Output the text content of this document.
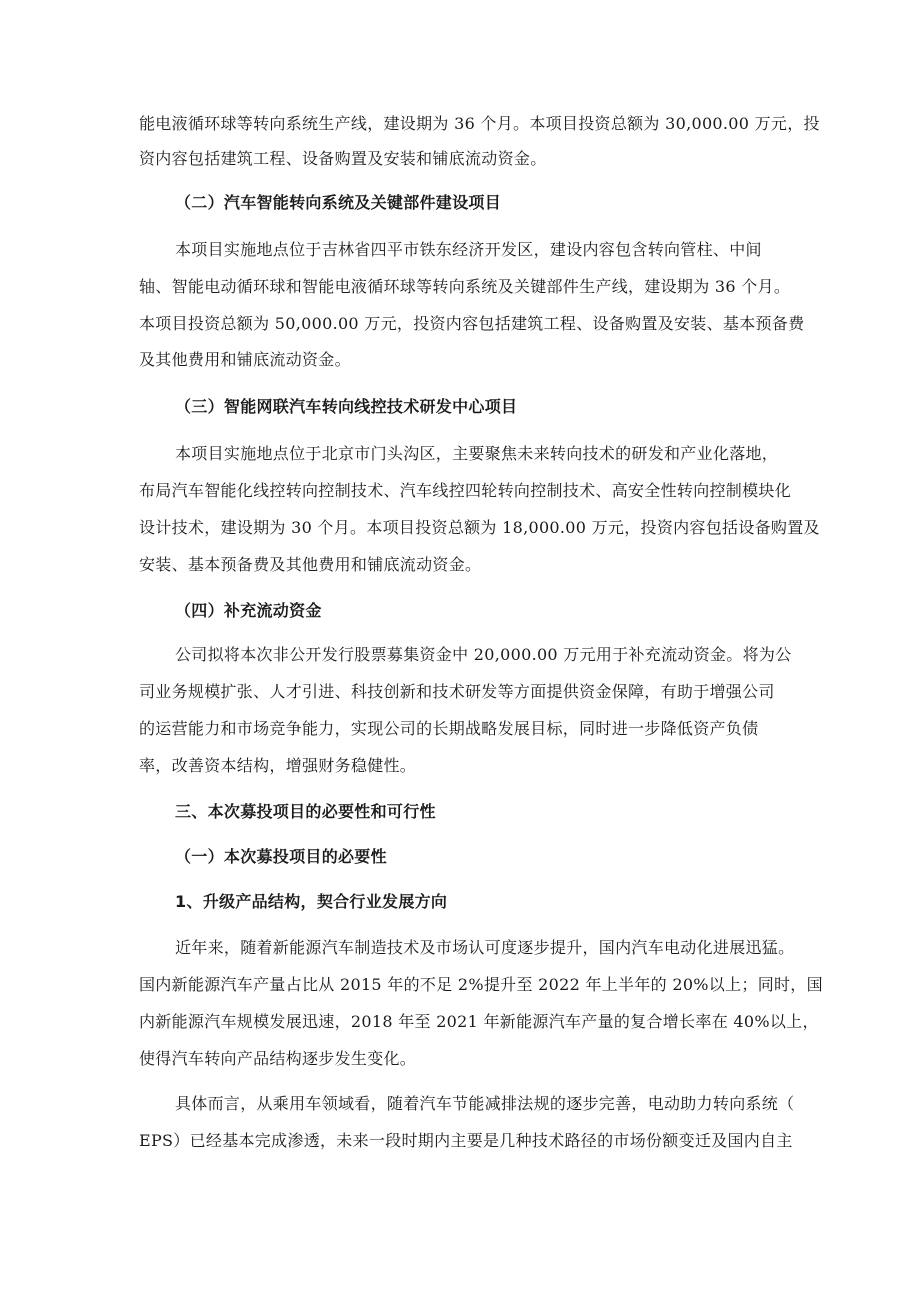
能电液循环球等转向系统生产线，建设期为 36 个月。本项目投资总额为 30,000.00 万元，投
资内容包括建筑工程、设备购置及安装和铺底流动资金。
（二）汽车智能转向系统及关键部件建设项目
本项目实施地点位于吉林省四平市铁东经济开发区，建设内容包含转向管柱、中间
轴、智能电动循环球和智能电液循环球等转向系统及关键部件生产线，建设期为 36 个月。
本项目投资总额为 50,000.00 万元，投资内容包括建筑工程、设备购置及安装、基本预备费
及其他费用和铺底流动资金。
（三）智能网联汽车转向线控技术研发中心项目
本项目实施地点位于北京市门头沟区，主要聚焦未来转向技术的研发和产业化落地，
布局汽车智能化线控转向控制技术、汽车线控四轮转向控制技术、高安全性转向控制模块化
设计技术，建设期为 30 个月。本项目投资总额为 18,000.00 万元，投资内容包括设备购置及
安装、基本预备费及其他费用和铺底流动资金。
（四）补充流动资金
公司拟将本次非公开发行股票募集资金中 20,000.00 万元用于补充流动资金。将为公
司业务规模扩张、人才引进、科技创新和技术研发等方面提供资金保障，有助于增强公司
的运营能力和市场竞争能力，实现公司的长期战略发展目标，同时进一步降低资产负债
率，改善资本结构，增强财务稳健性。
三、本次募投项目的必要性和可行性
（一）本次募投项目的必要性
1、升级产品结构，契合行业发展方向
近年来，随着新能源汽车制造技术及市场认可度逐步提升，国内汽车电动化进展迅猛。
国内新能源汽车产量占比从 2015 年的不足 2%提升至 2022 年上半年的 20%以上；同时，国
内新能源汽车规模发展迅速，2018 年至 2021 年新能源汽车产量的复合增长率在 40%以上，
使得汽车转向产品结构逐步发生变化。
具体而言，从乘用车领域看，随着汽车节能减排法规的逐步完善，电动助力转向系统（
EPS）已经基本完成渗透，未来一段时期内主要是几种技术路径的市场份额变迁及国内自主
